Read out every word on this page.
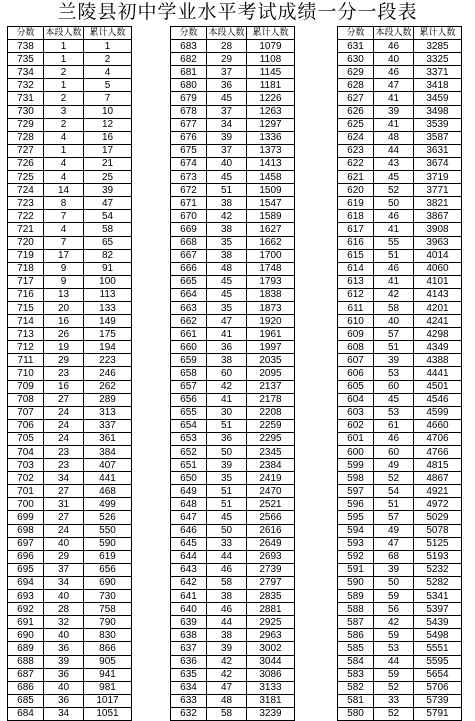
兰陵县初中学业水平考试成绩一分一段表
分数	本段人数	累计人数
738	1	1
735	1	2
734	2	4
732	1	5
731	2	7
730	3	10
729	2	12
728	4	16
727	1	17
726	4	21
725	4	25
724	14	39
723	8	47
722	7	54
721	4	58
720	7	65
719	17	82
718	9	91
717	9	100
716	13	113
715	20	133
714	16	149
713	26	175
712	19	194
711	29	223
710	23	246
709	16	262
708	27	289
707	24	313
706	24	337
705	24	361
704	23	384
703	23	407
702	34	441
701	27	468
700	31	499
699	27	526
698	24	550
697	40	590
696	29	619
695	37	656
694	34	690
693	40	730
692	28	758
691	32	790
690	40	830
689	36	866
688	39	905
687	36	941
686	40	981
685	36	1017
684	34	1051
分数	本段人数	累计人数
683	28	1079
682	29	1108
681	37	1145
680	36	1181
679	45	1226
678	37	1263
677	34	1297
676	39	1336
675	37	1373
674	40	1413
673	45	1458
672	51	1509
671	38	1547
670	42	1589
669	38	1627
668	35	1662
667	38	1700
666	48	1748
665	45	1793
664	45	1838
663	35	1873
662	47	1920
661	41	1961
660	36	1997
659	38	2035
658	60	2095
657	42	2137
656	41	2178
655	30	2208
654	51	2259
653	36	2295
652	50	2345
651	39	2384
650	35	2419
649	51	2470
648	51	2521
647	45	2566
646	50	2616
645	33	2649
644	44	2693
643	46	2739
642	58	2797
641	38	2835
640	46	2881
639	44	2925
638	38	2963
637	39	3002
636	42	3044
635	42	3086
634	47	3133
633	48	3181
632	58	3239
分数	本段人数	累计人数
631	46	3285
630	40	3325
629	46	3371
628	47	3418
627	41	3459
626	39	3498
625	41	3539
624	48	3587
623	44	3631
622	43	3674
621	45	3719
620	52	3771
619	50	3821
618	46	3867
617	41	3908
616	55	3963
615	51	4014
614	46	4060
613	41	4101
612	42	4143
611	58	4201
610	40	4241
609	57	4298
608	51	4349
607	39	4388
606	53	4441
605	60	4501
604	45	4546
603	53	4599
602	61	4660
601	46	4706
600	60	4766
599	49	4815
598	52	4867
597	54	4921
596	51	4972
595	57	5029
594	49	5078
593	47	5125
592	68	5193
591	39	5232
590	50	5282
589	59	5341
588	56	5397
587	42	5439
586	59	5498
585	53	5551
584	44	5595
583	59	5654
582	52	5706
581	33	5739
580	52	5791
